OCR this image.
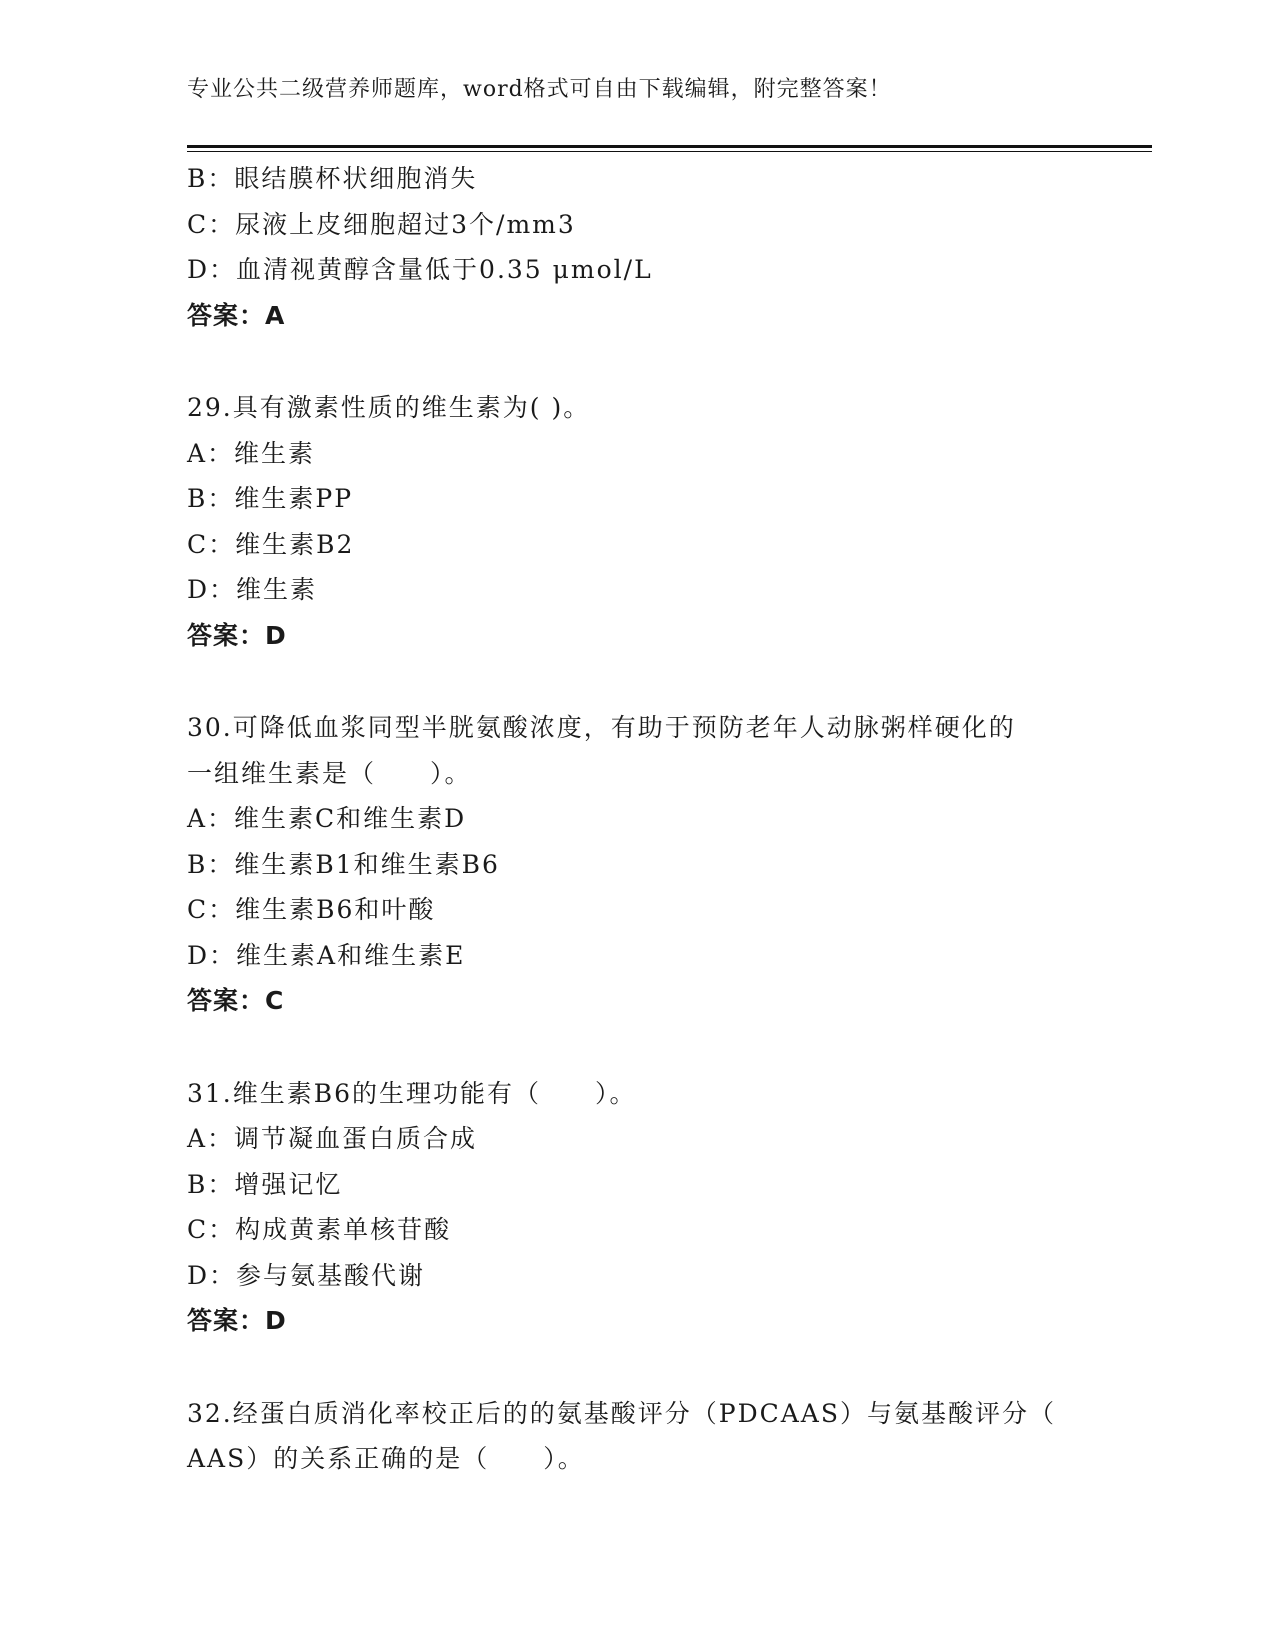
专业公共二级营养师题库，word格式可自由下载编辑，附完整答案！
B：眼结膜杯状细胞消失
C：尿液上皮细胞超过3个/mm3
D：血清视黄醇含量低于0.35 μmol/L
答案：A
29.具有激素性质的维生素为( )。
A：维生素
B：维生素PP
C：维生素B2
D：维生素
答案：D
30.可降低血浆同型半胱氨酸浓度，有助于预防老年人动脉粥样硬化的
一组维生素是（　　）。
A：维生素C和维生素D
B：维生素B1和维生素B6
C：维生素B6和叶酸
D：维生素A和维生素E
答案：C
31.维生素B6的生理功能有（　　）。
A：调节凝血蛋白质合成
B：增强记忆
C：构成黄素单核苷酸
D：参与氨基酸代谢
答案：D
32.经蛋白质消化率校正后的的氨基酸评分（PDCAAS）与氨基酸评分（
AAS）的关系正确的是（　　）。
